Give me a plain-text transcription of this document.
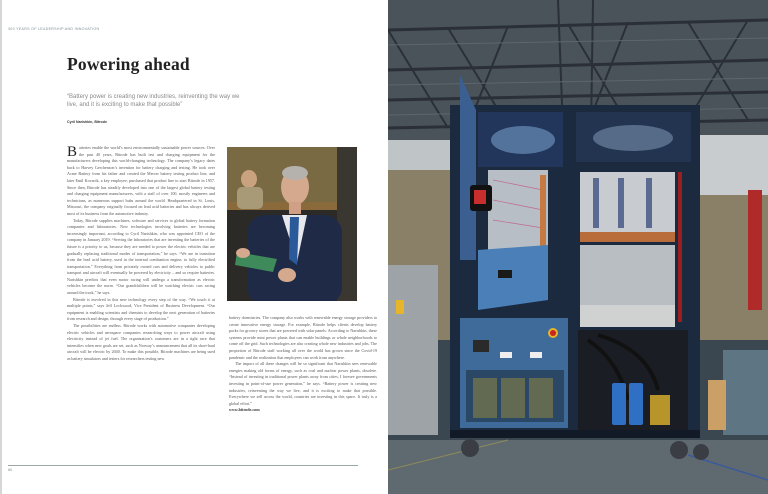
300 YEARS OF LEADERSHIP AND INNOVATION
Powering ahead
“Battery power is creating new industries, reinventing the way we live, and it is exciting to make that possible”
Cyril Narishkin, Bitrode

Batteries enable the world’s most environmentally sustainable power sources. Over the past 40 years, Bitrode has built test and charging equipment for the manufacturers developing this world-changing technology. The company’s legacy dates back to Harvey Gerchenson’s invention for battery charging and testing. He took over Acme Battery from his father and created the Mercer battery testing product line, and later Emil Kovacik, a key employee, purchased that product line to start Bitrode in 1957. Since then, Bitrode has steadily developed into one of the largest global battery testing and charging equipment manufacturers, with a staff of over 100, mostly engineers and technicians, as numerous support hubs around the world. Headquartered in St. Louis, Missouri, the company originally focused on lead acid batteries and has always derived most of its business from the automotive industry.

Today, Bitrode supplies machines, software and services to global battery formation companies and laboratories. New technologies involving batteries are becoming increasingly important, according to Cyril Narishkin, who was appointed CEO of the company in January 2019. “Serving the laboratories that are inventing the batteries of the future is a priority to us, because they are needed to power the electric vehicles that are gradually replacing traditional modes of transportation,” he says. “We are in transition from the lead acid battery, used in the internal combustion engine, to fully electrified transportation.” Everything from privately owned cars and delivery vehicles to public transport and aircraft will eventually be powered by electricity – and so require batteries. Narishkin predicts that even motor racing will undergo a transformation as electric vehicles become the norm. “Our grandchildren will be watching electric cars racing around the track,” he says.

Bitrode is involved in this new technology every step of the way. “We touch it at multiple points,” says Jeff Lockwood, Vice President of Business Development. “Our equipment is enabling scientists and chemists to develop the next generation of batteries from research and design, through every stage of production.”

The possibilities are endless. Bitrode works with automotive companies developing electric vehicles and aerospace companies researching ways to power aircraft using electricity instead of jet fuel. The organization’s customers are in a tight race that intensifies when new goals are set, such as Norway’s announcement that all its short-haul aircraft will be electric by 2040. To make this possible, Bitrode machines are being used as battery simulators and testers for researchers testing new

battery chemistries. The company also works with renewable energy storage providers to create innovative energy storage. For example, Bitrode helps clients develop battery packs for grocery stores that are powered with solar panels. According to Narishkin, these systems provide mini power plants that can enable buildings or whole neighborhoods to come off the grid. Such technologies are also creating whole new industries and jobs. The proportion of Bitrode staff working all over the world has grown since the Covid-19 pandemic and the realization that employees can work from anywhere.

The impact of all these changes will be so significant that Narishkin sees renewable energies making old forms of energy, such as coal and nuclear power plants, obsolete. “Instead of investing in traditional power plants away from cities, I foresee governments investing in point-of-use power generation,” he says. “Battery power is creating new industries, reinventing the way we live, and it is exciting to make that possible. Everywhere we sell across the world, countries are investing in this space. It truly is a global effort.”

www.bitrode.com

80
